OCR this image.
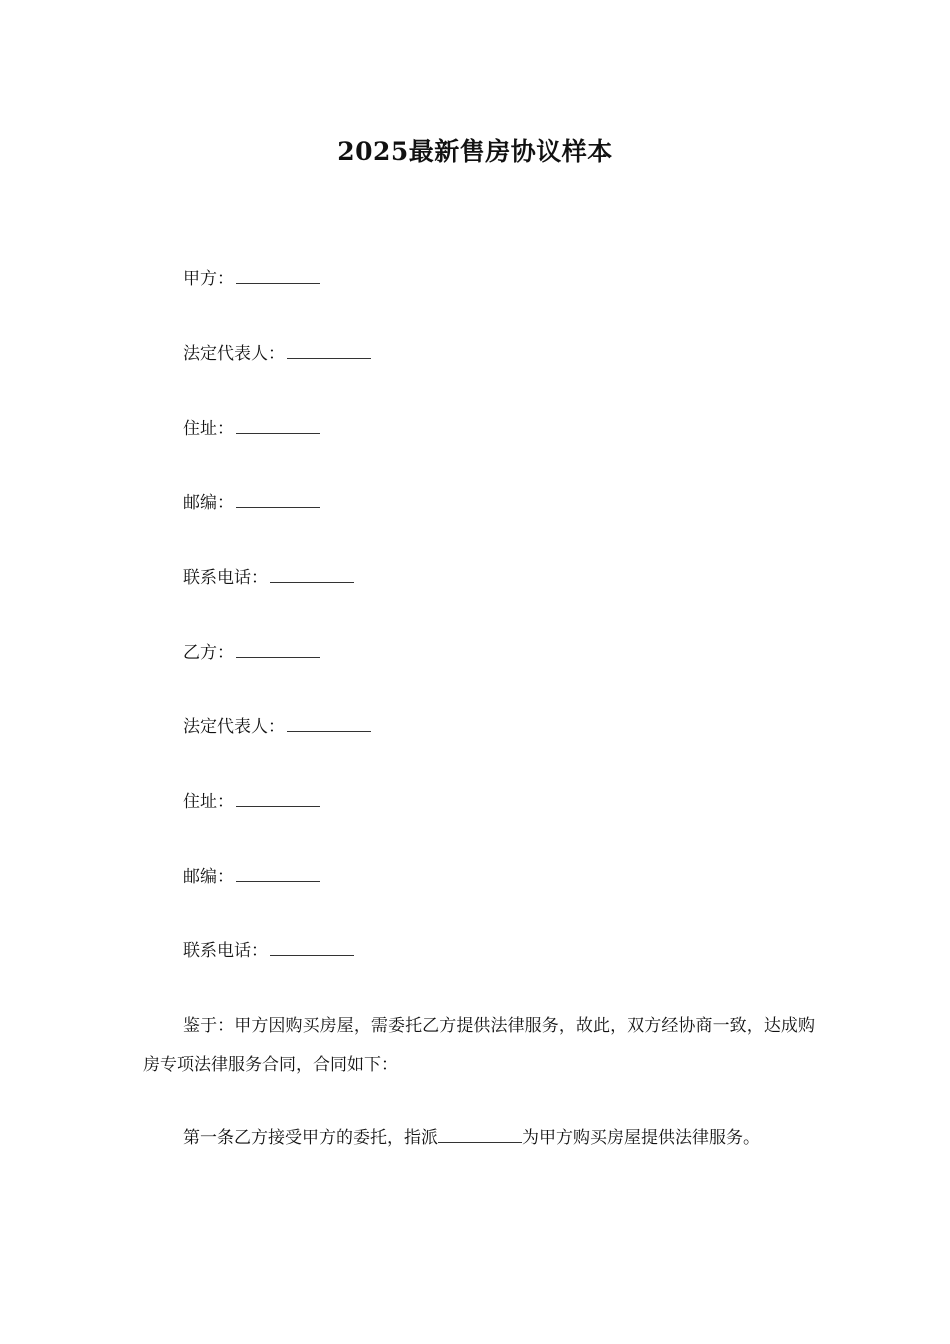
2025最新售房协议样本
甲方：
法定代表人：
住址：
邮编：
联系电话：
乙方：
法定代表人：
住址：
邮编：
联系电话：
鉴于：甲方因购买房屋，需委托乙方提供法律服务，故此，双方经协商一致，达成购房专项法律服务合同，合同如下：
第一条乙方接受甲方的委托，指派	为甲方购买房屋提供法律服务。
